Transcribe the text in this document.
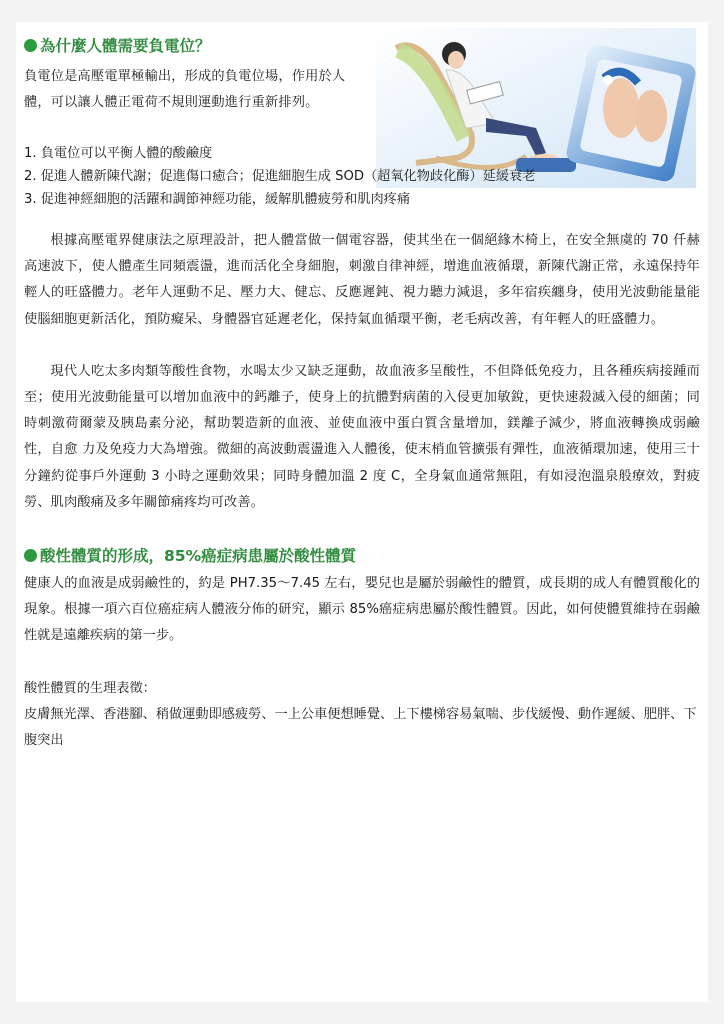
為什麼人體需要負電位？
負電位是高壓電單極輸出，形成的負電位場，作用於人體，可以讓人體正電荷不規則運動進行重新排列。
1. 負電位可以平衡人體的酸鹼度
2. 促進人體新陳代謝；促進傷口癒合；促進細胞生成 SOD（超氧化物歧化酶）延緩衰老
3. 促進神經細胞的活躍和調節神經功能，緩解肌體疲勞和肌肉疼痛
根據高壓電界健康法之原理設計，把人體當做一個電容器，使其坐在一個絕緣木椅上，在安全無虞的 70 仟赫高速波下，使人體產生同頻震盪，進而活化全身細胞，刺激自律神經，增進血液循環，新陳代謝正常，永遠保持年輕人的旺盛體力。老年人運動不足、壓力大、健忘、反應遲鈍、視力聽力減退，多年宿疾纏身，使用光波動能量能使腦細胞更新活化，預防癡呆、身體器官延遲老化，保持氣血循環平衡，老毛病改善，有年輕人的旺盛體力。
現代人吃太多肉類等酸性食物，水喝太少又缺乏運動，故血液多呈酸性，不但降低免疫力，且各種疾病接踵而至；使用光波動能量可以增加血液中的鈣離子，使身上的抗體對病菌的入侵更加敏銳，更快速殺滅入侵的細菌；同時刺激荷爾蒙及胰島素分泌，幫助製造新的血液、並使血液中蛋白質含量增加，鎂離子減少，將血液轉換成弱鹼性，自愈 力及免疫力大為增強。微細的高波動震盪進入人體後，使末梢血管擴張有彈性，血液循環加速，使用三十分鐘約從事戶外運動 3 小時之運動效果；同時身體加溫 2 度 C，全身氣血通常無阻，有如浸泡溫泉般療效，對疲勞、肌肉酸痛及多年關節痛疼均可改善。
酸性體質的形成，85%癌症病患屬於酸性體質
健康人的血液是成弱鹼性的，約是 PH7.35～7.45 左右，嬰兒也是屬於弱鹼性的體質，成長期的成人有體質酸化的現象。根據一項六百位癌症病人體液分佈的研究，顯示 85%癌症病患屬於酸性體質。因此，如何使體質維持在弱鹼性就是遠離疾病的第一步。
酸性體質的生理表徵：
皮膚無光澤、香港腳、稍做運動即感疲勞、一上公車便想睡覺、上下樓梯容易氣喘、步伐緩慢、動作遲緩、肥胖、下腹突出
